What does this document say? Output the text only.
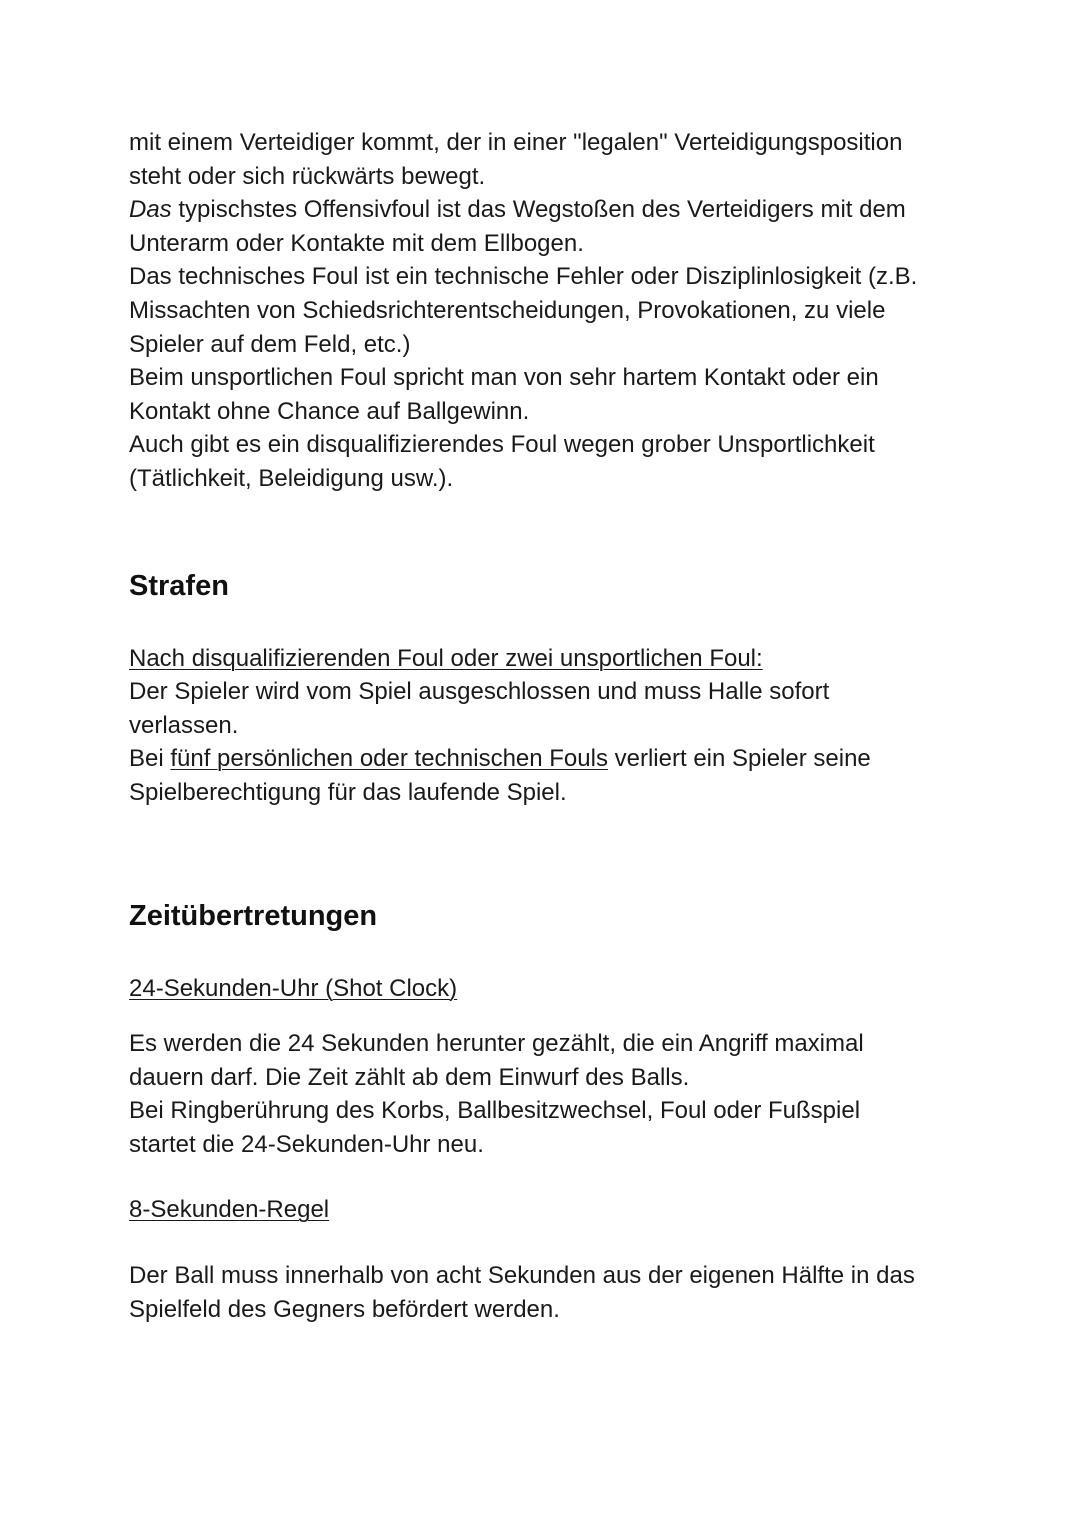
mit einem Verteidiger kommt, der in einer "legalen" Verteidigungsposition steht oder sich rückwärts bewegt.

Das typischstes Offensivfoul ist das Wegstoßen des Verteidigers mit dem Unterarm oder Kontakte mit dem Ellbogen.

Das technisches Foul ist ein technische Fehler oder Disziplinlosigkeit (z.B. Missachten von Schiedsrichterentscheidungen, Provokationen, zu viele Spieler auf dem Feld, etc.)

Beim unsportlichen Foul spricht man von sehr hartem Kontakt oder ein Kontakt ohne Chance auf Ballgewinn.

Auch gibt es ein disqualifizierendes Foul wegen grober Unsportlichkeit (Tätlichkeit, Beleidigung usw.).

Strafen

Nach disqualifizierenden Foul oder zwei unsportlichen Foul:

Der Spieler wird vom Spiel ausgeschlossen und muss Halle sofort verlassen.

Bei fünf persönlichen oder technischen Fouls verliert ein Spieler seine Spielberechtigung für das laufende Spiel.

Zeitübertretungen

24-Sekunden-Uhr (Shot Clock)

Es werden die 24 Sekunden herunter gezählt, die ein Angriff maximal dauern darf. Die Zeit zählt ab dem Einwurf des Balls.

Bei Ringberührung des Korbs, Ballbesitzwechsel, Foul oder Fußspiel startet die 24-Sekunden-Uhr neu.

8-Sekunden-Regel

Der Ball muss innerhalb von acht Sekunden aus der eigenen Hälfte in das Spielfeld des Gegners befördert werden.
